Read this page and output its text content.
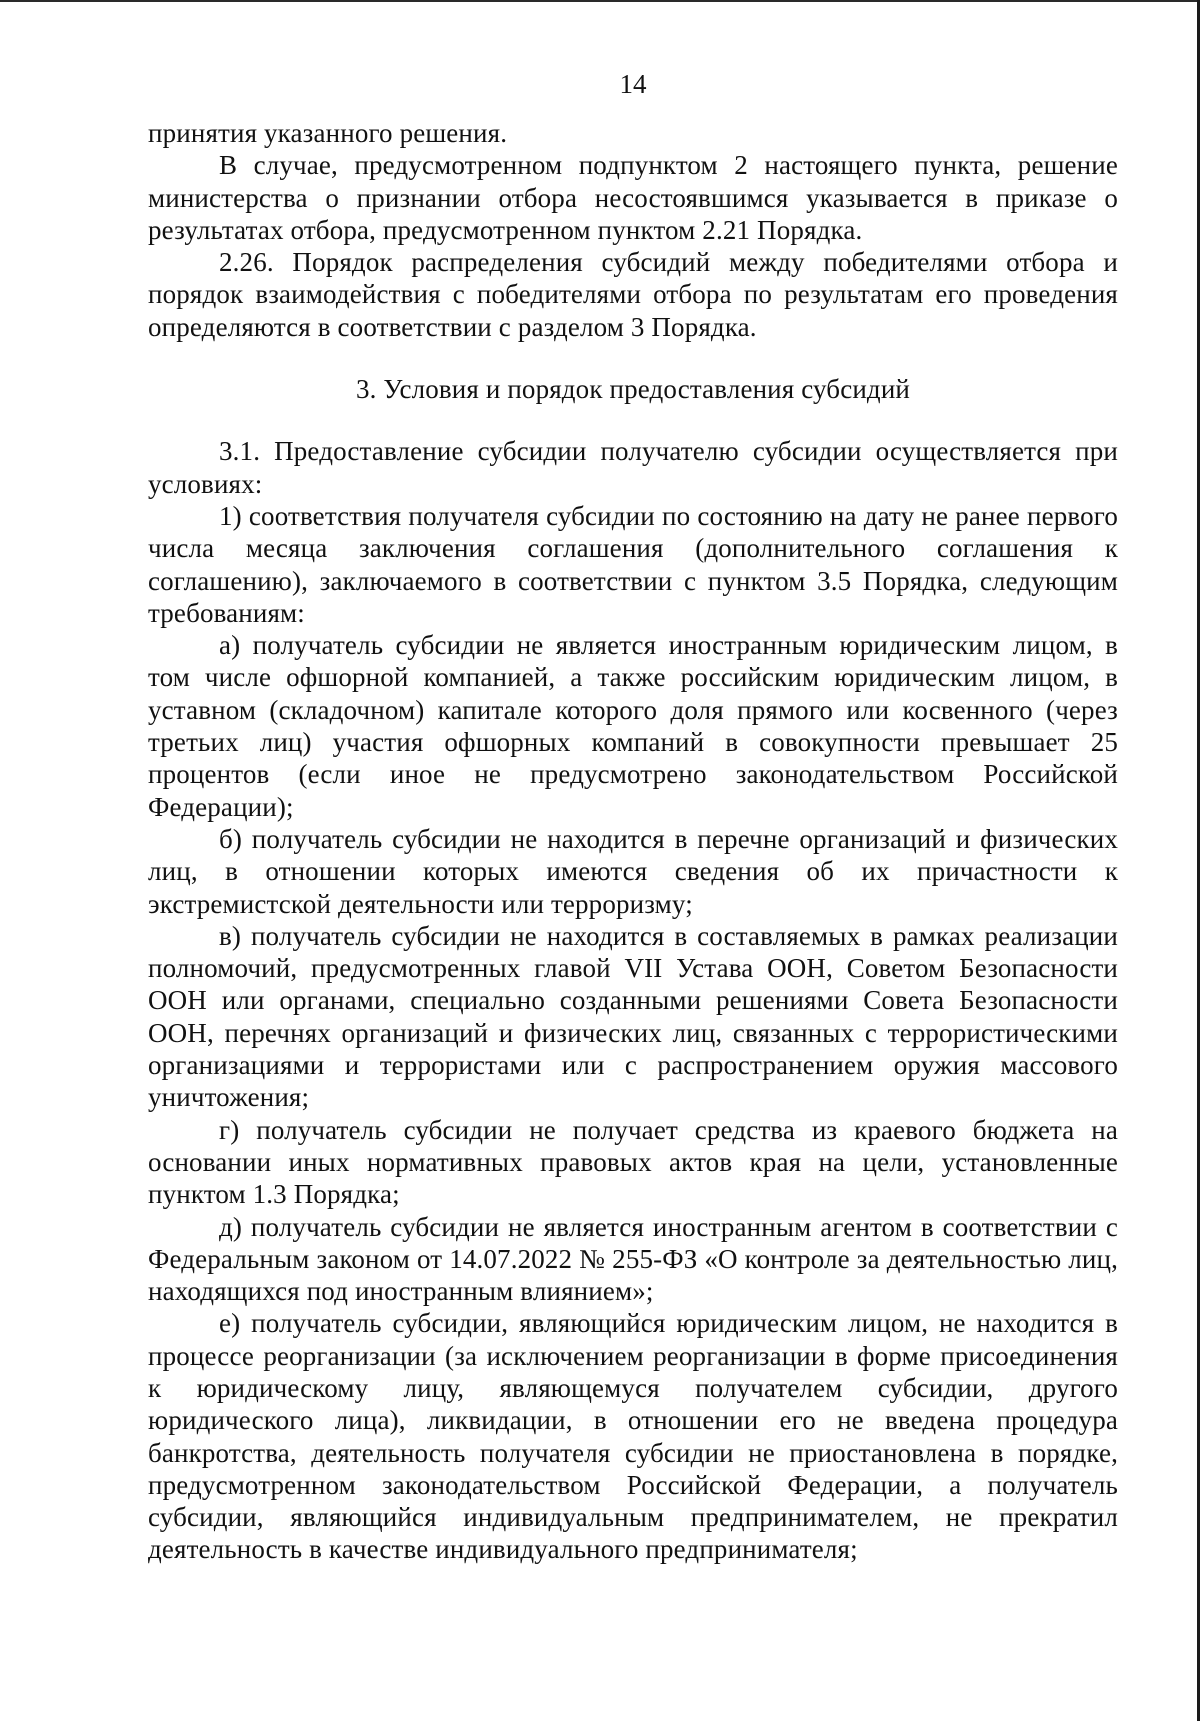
14

принятия указанного решения.

В случае, предусмотренном подпунктом 2 настоящего пункта, решение министерства о признании отбора несостоявшимся указывается в приказе о результатах отбора, предусмотренном пунктом 2.21 Порядка.

2.26. Порядок распределения субсидий между победителями отбора и порядок взаимодействия с победителями отбора по результатам его проведения определяются в соответствии с разделом 3 Порядка.

3. Условия и порядок предоставления субсидий

3.1. Предоставление субсидии получателю субсидии осуществляется при условиях:

1) соответствия получателя субсидии по состоянию на дату не ранее первого числа месяца заключения соглашения (дополнительного соглашения к соглашению), заключаемого в соответствии с пунктом 3.5 Порядка, следующим требованиям:

а) получатель субсидии не является иностранным юридическим лицом, в том числе офшорной компанией, а также российским юридическим лицом, в уставном (складочном) капитале которого доля прямого или косвенного (через третьих лиц) участия офшорных компаний в совокупности превышает 25 процентов (если иное не предусмотрено законодательством Российской Федерации);

б) получатель субсидии не находится в перечне организаций и физических лиц, в отношении которых имеются сведения об их причастности к экстремистской деятельности или терроризму;

в) получатель субсидии не находится в составляемых в рамках реализации полномочий, предусмотренных главой VII Устава ООН, Советом Безопасности ООН или органами, специально созданными решениями Совета Безопасности ООН, перечнях организаций и физических лиц, связанных с террористическими организациями и террористами или с распространением оружия массового уничтожения;

г) получатель субсидии не получает средства из краевого бюджета на основании иных нормативных правовых актов края на цели, установленные пунктом 1.3 Порядка;

д) получатель субсидии не является иностранным агентом в соответствии с Федеральным законом от 14.07.2022 № 255-ФЗ «О контроле за деятельностью лиц, находящихся под иностранным влиянием»;

е) получатель субсидии, являющийся юридическим лицом, не находится в процессе реорганизации (за исключением реорганизации в форме присоединения к юридическому лицу, являющемуся получателем субсидии, другого юридического лица), ликвидации, в отношении его не введена процедура банкротства, деятельность получателя субсидии не приостановлена в порядке, предусмотренном законодательством Российской Федерации, а получатель субсидии, являющийся индивидуальным предпринимателем, не прекратил деятельность в качестве индивидуального предпринимателя;
